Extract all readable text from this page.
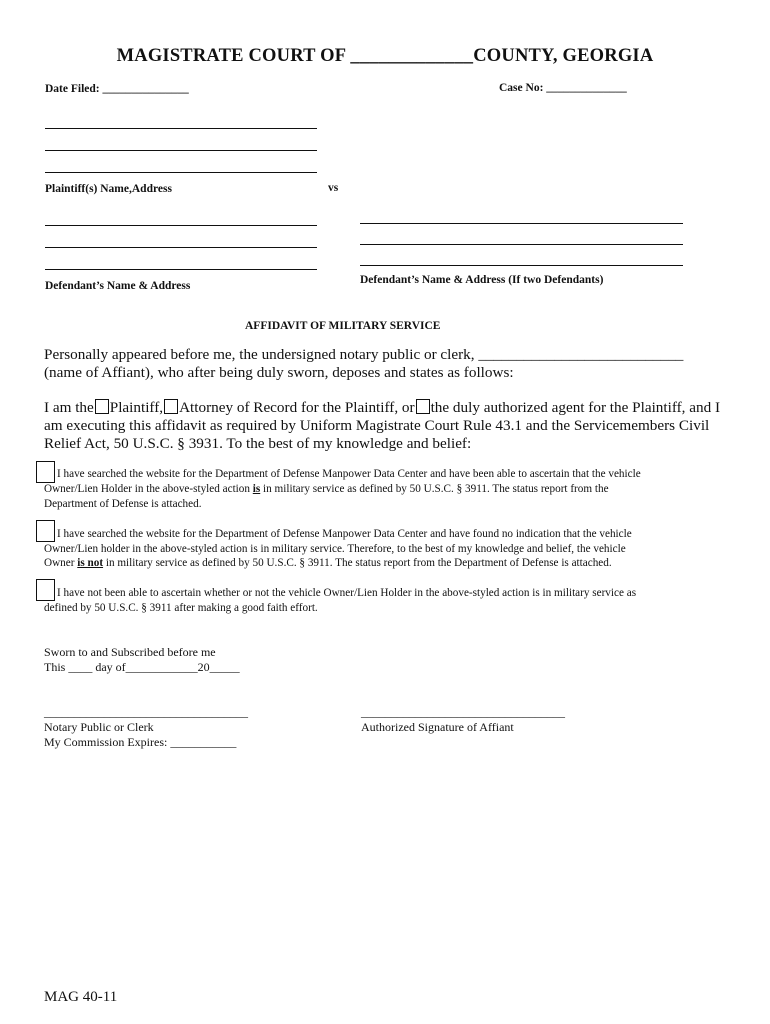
MAGISTRATE COURT OF _____________COUNTY, GEORGIA
Date Filed: _______________	Case No: ______________
Plaintiff(s) Name,Address	vs
Defendant’s Name & Address	Defendant’s Name & Address (If two Defendants)
AFFIDAVIT OF MILITARY SERVICE
Personally appeared before me, the undersigned notary public or clerk, ___________________________
(name of Affiant), who after being duly sworn, deposes and states as follows:
I am the Plaintiff, Attorney of Record for the Plaintiff, or the duly authorized agent for the Plaintiff, and I
am executing this affidavit as required by Uniform Magistrate Court Rule 43.1 and the Servicemembers Civil
Relief Act, 50 U.S.C. § 3931. To the best of my knowledge and belief:
I have searched the website for the Department of Defense Manpower Data Center and have been able to ascertain that the vehicle
Owner/Lien Holder in the above-styled action is in military service as defined by 50 U.S.C. § 3911. The status report from the
Department of Defense is attached.
I have searched the website for the Department of Defense Manpower Data Center and have found no indication that the vehicle
Owner/Lien holder in the above-styled action is in military service. Therefore, to the best of my knowledge and belief, the vehicle
Owner is not in military service as defined by 50 U.S.C. § 3911. The status report from the Department of Defense is attached.
I have not been able to ascertain whether or not the vehicle Owner/Lien Holder in the above-styled action is in military service as
defined by 50 U.S.C. § 3911 after making a good faith effort.
Sworn to and Subscribed before me
This ____ day of____________20_____
__________________________________
Notary Public or Clerk
My Commission Expires: ___________
__________________________________
Authorized Signature of Affiant
MAG 40-11
